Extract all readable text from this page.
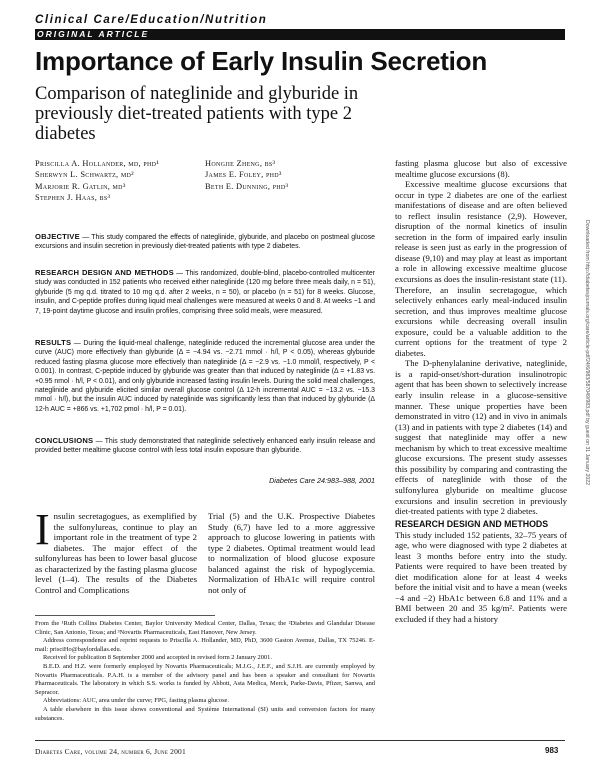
Clinical Care/Education/Nutrition
ORIGINAL ARTICLE
Importance of Early Insulin Secretion
Comparison of nateglinide and glyburide in previously diet-treated patients with type 2 diabetes
Priscilla A. Hollander, md, phd¹
Sherwyn L. Schwartz, md²
Marjorie R. Gatlin, md³
Stephen J. Haas, bs³
Hongjie Zheng, bs³
James E. Foley, phd³
Beth E. Dunning, phd³
OBJECTIVE — This study compared the effects of nateglinide, glyburide, and placebo on postmeal glucose excursions and insulin secretion in previously diet-treated patients with type 2 diabetes.
RESEARCH DESIGN AND METHODS — This randomized, double-blind, placebo-controlled multicenter study was conducted in 152 patients who received either nateglinide (120 mg before three meals daily, n = 51), glyburide (5 mg q.d. titrated to 10 mg q.d. after 2 weeks, n = 50), or placebo (n = 51) for 8 weeks. Glucose, insulin, and C-peptide profiles during liquid meal challenges were measured at weeks 0 and 8. At weeks −1 and 7, 19-point daytime glucose and insulin profiles, comprising three solid meals, were measured.
RESULTS — During the liquid-meal challenge, nateglinide reduced the incremental glucose area under the curve (AUC) more effectively than glyburide (Δ = −4.94 vs. −2.71 mmol · h/l, P < 0.05), whereas glyburide reduced fasting plasma glucose more effectively than nateglinide (Δ = −2.9 vs. −1.0 mmol/l, respectively, P < 0.001). In contrast, C-peptide induced by glyburide was greater than that induced by nateglinide (Δ = +1.83 vs. +0.95 nmol · h/l, P < 0.01), and only glyburide increased fasting insulin levels. During the solid meal challenges, nateglinide and glyburide elicited similar overall glucose control (Δ 12-h incremental AUC = −13.2 vs. −15.3 mmol · h/l), but the insulin AUC induced by nateglinide was significantly less than that induced by glyburide (Δ 12-h AUC = +866 vs. +1,702 pmol · h/l, P = 0.01).
CONCLUSIONS — This study demonstrated that nateglinide selectively enhanced early insulin release and provided better mealtime glucose control with less total insulin exposure than glyburide.
Diabetes Care 24:983–988, 2001
Insulin secretagogues, as exemplified by the sulfonylureas, continue to play an important role in the treatment of type 2 diabetes. The major effect of the sulfonylureas has been to lower basal glucose as characterized by the fasting plasma glucose level (1–4). The results of the Diabetes Control and Complications
Trial (5) and the U.K. Prospective Diabetes Study (6,7) have led to a more aggressive approach to glucose lowering in patients with type 2 diabetes. Optimal treatment would lead to normalization of blood glucose exposure balanced against the risk of hypoglycemia. Normalization of HbA1c will require control not only of

fasting plasma glucose but also of excessive mealtime glucose excursions (8).

Excessive mealtime glucose excursions that occur in type 2 diabetes are one of the earliest manifestations of disease and are often believed to reflect insulin resistance (2,9). However, disruption of the normal kinetics of insulin secretion in the form of impaired early insulin release is seen just as early in the progression of disease (9,10) and may play at least as important a role in allowing excessive mealtime glucose excursions as does the insulin-resistant state (11). Therefore, an insulin secretagogue, which selectively enhances early meal-induced insulin secretion, and thus improves mealtime glucose excursions while decreasing overall insulin exposure, could be a valuable addition to the current options for the treatment of type 2 diabetes.

The D-phenylalanine derivative, nateglinide, is a rapid-onset/short-duration insulinotropic agent that has been shown to selectively increase early insulin release in a glucose-sensitive manner. These unique properties have been demonstrated in vitro (12) and in vivo in animals (13) and in patients with type 2 diabetes (14) and suggest that nateglinide may offer a new mechanism by which to treat excessive mealtime glucose excursions. The present study assesses this possibility by comparing and contrasting the effects of nateglinide with those of the sulfonylurea glyburide on mealtime glucose excursions and insulin secretion in previously diet-treated patients with type 2 diabetes.

RESEARCH DESIGN AND METHODS

This study included 152 patients, 32–75 years of age, who were diagnosed with type 2 diabetes at least 3 months before entry into the study. Patients were required to have been treated by diet modification alone for at least 4 weeks before the initial visit and to have a mean (weeks −4 and −2) HbA1c between 6.8 and 11% and a BMI between 20 and 35 kg/m². Patients were excluded if they had a history

From the ¹Ruth Collins Diabetes Center, Baylor University Medical Center, Dallas, Texas; the ²Diabetes and Glandular Disease Clinic, San Antonio, Texas; and ³Novartis Pharmaceuticals, East Hanover, New Jersey.

Address correspondence and reprint requests to Priscilla A. Hollander, MD, PhD, 3600 Gaston Avenue, Dallas, TX 75246. E-mail: prisciHo@baylordallas.edu.

Received for publication 8 September 2000 and accepted in revised form 2 January 2001.

B.E.D. and H.Z. were formerly employed by Novartis Pharmaceuticals; M.J.G., J.E.F., and S.J.H. are currently employed by Novartis Pharmaceuticals. P.A.H. is a member of the advisory panel and has been a speaker and consultant for Novartis Pharmaceuticals. The laboratory in which S.S. works is funded by Abbott, Asta Medica, Merck, Parke-Davis, Pfizer, Sanwa, and Sepracor.

Abbreviations: AUC, area under the curve; FPG, fasting plasma glucose.

A table elsewhere in this issue shows conventional and Système International (SI) units and conversion factors for many substances.

Diabetes Care, volume 24, number 6, June 2001	983
Downloaded from http://diabetesjournals.org/care/article-pdf/24/6/983/587049/983.pdf by guest on 31 January 2022
